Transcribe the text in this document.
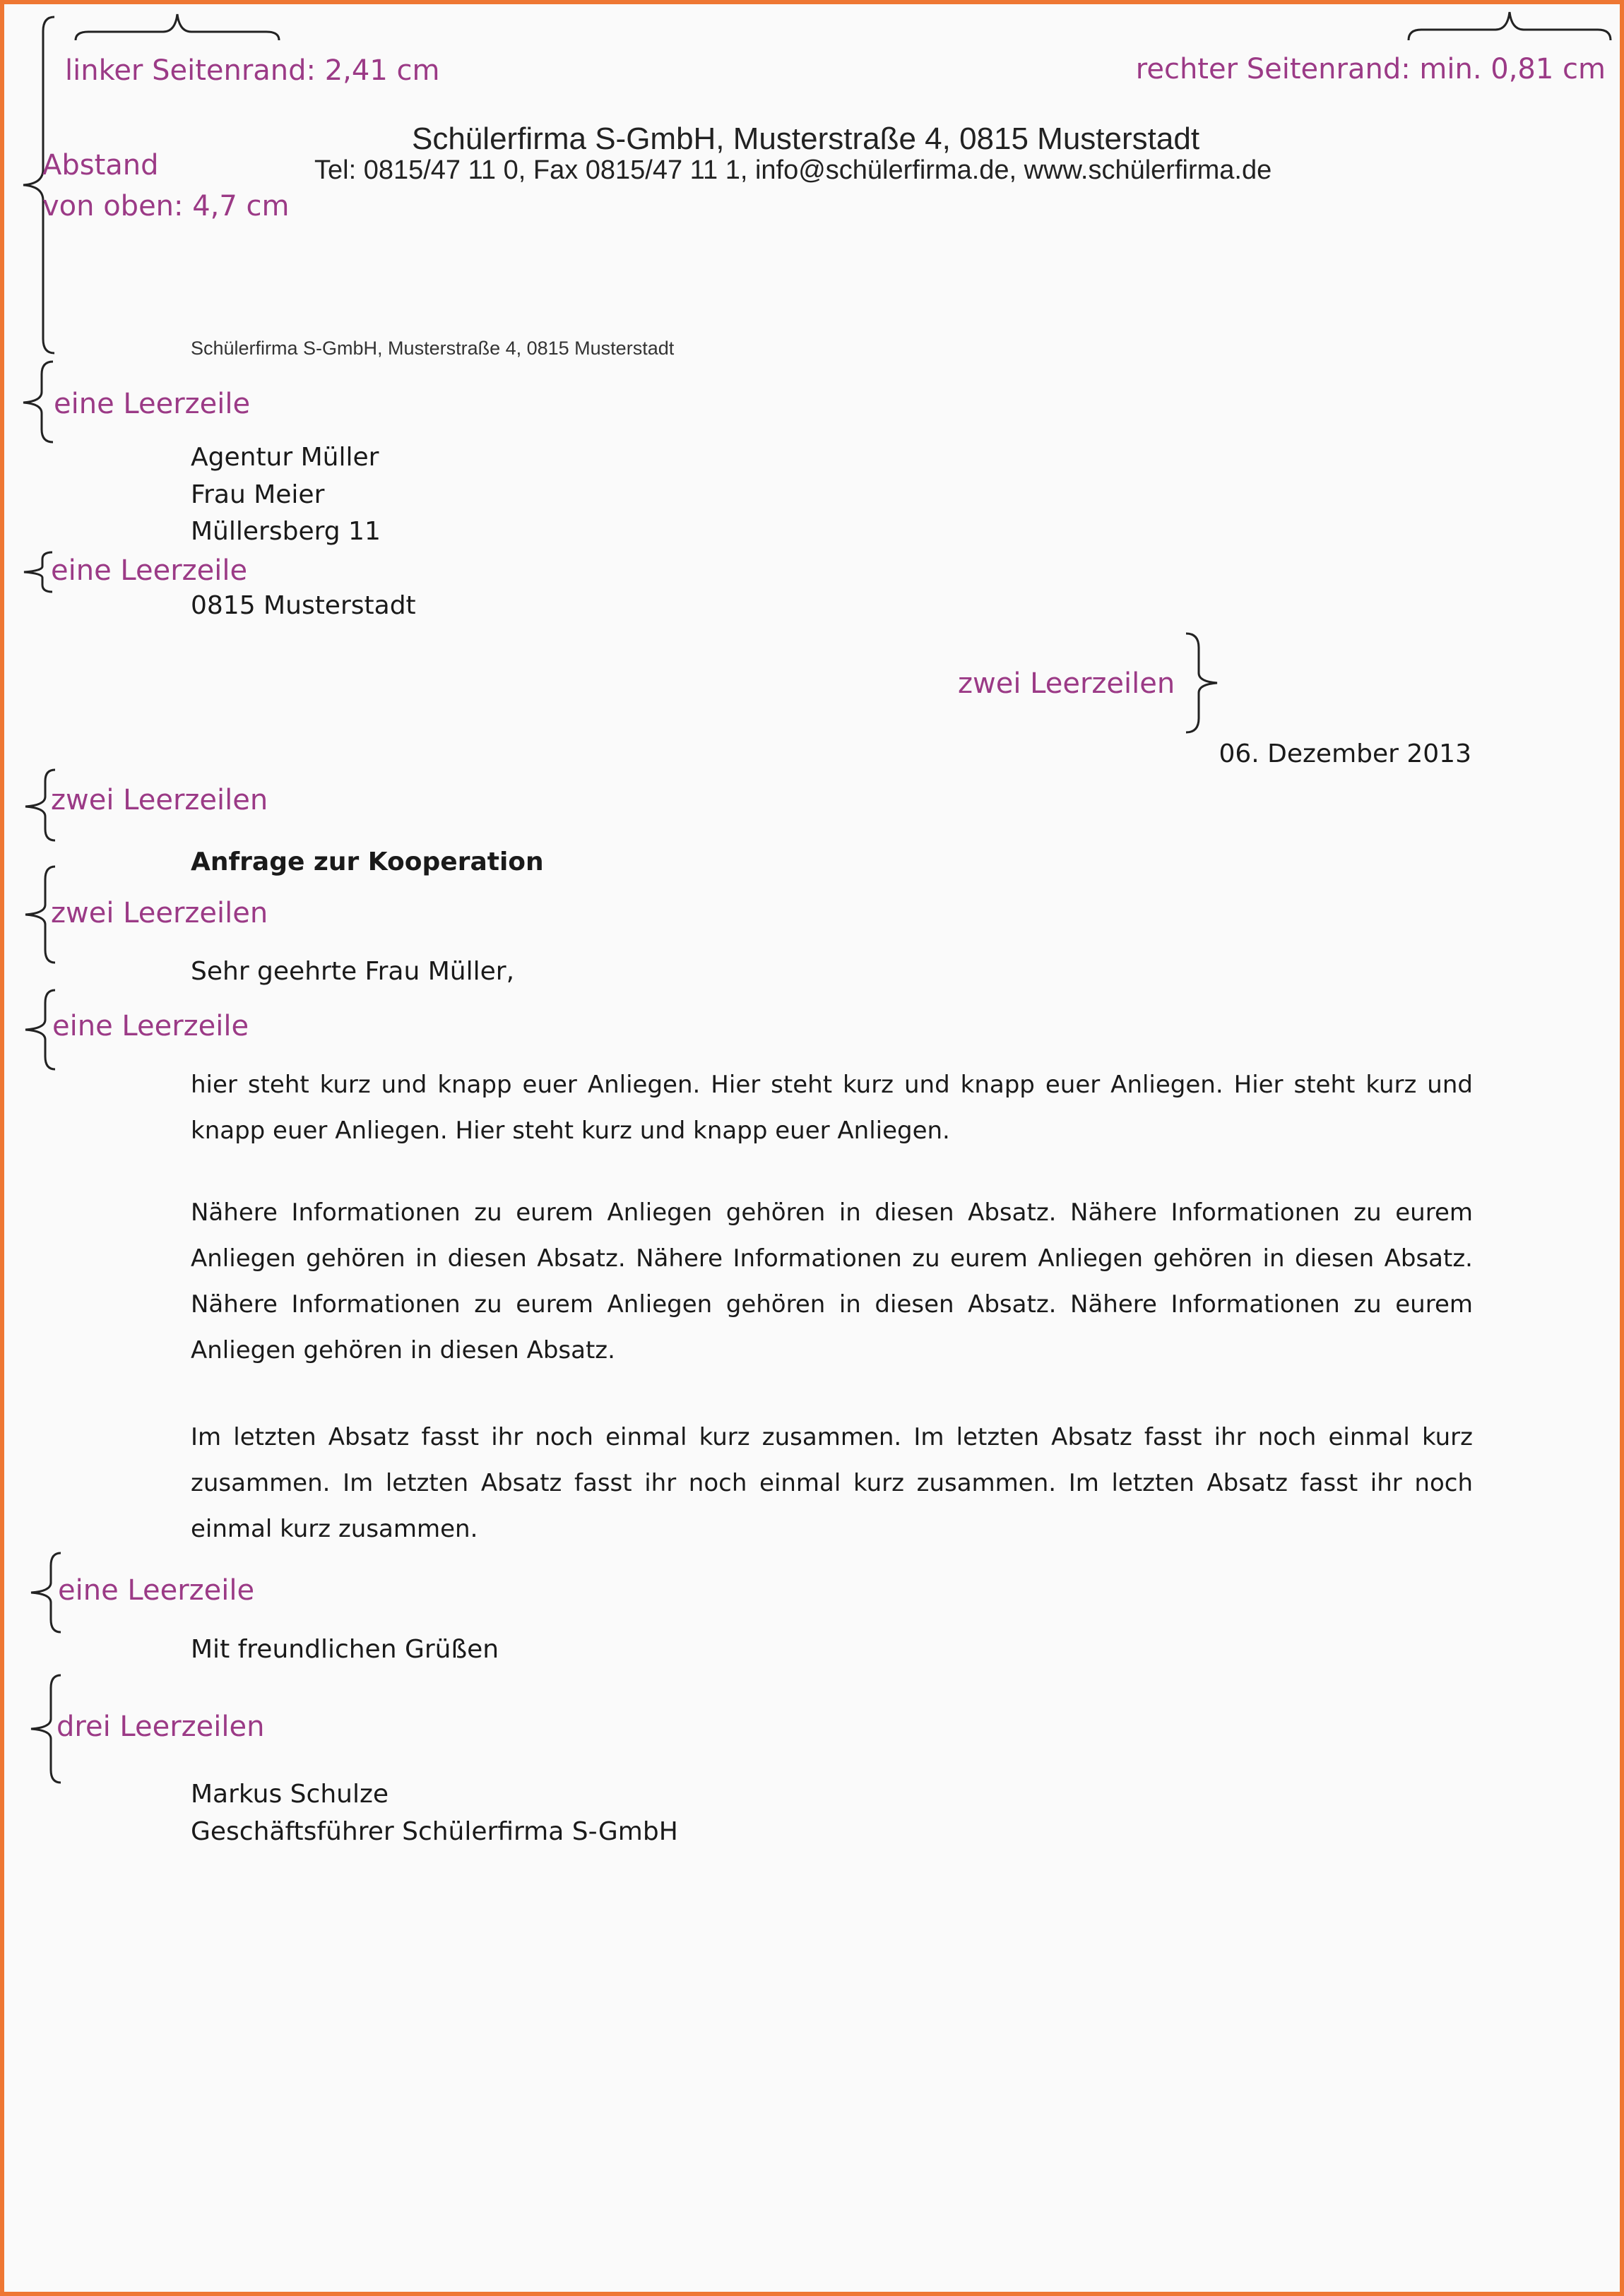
linker Seitenrand: 2,41 cm	rechter Seitenrand: min. 0,81 cm
Abstand
von oben: 4,7 cm
eine Leerzeile
eine Leerzeile
zwei Leerzeilen
zwei Leerzeilen
zwei Leerzeilen
eine Leerzeile
eine Leerzeile
drei Leerzeilen
Schülerfirma S-GmbH, Musterstraße 4, 0815 Musterstadt
Tel: 0815/47 11 0, Fax 0815/47 11 1, info@schülerfirma.de, www.schülerfirma.de
Schülerfirma S-GmbH, Musterstraße 4, 0815 Musterstadt
Agentur Müller
Frau Meier
Müllersberg 11
0815 Musterstadt
06. Dezember 2013
Anfrage zur Kooperation
Sehr geehrte Frau Müller,
hier steht kurz und knapp euer Anliegen. Hier steht kurz und knapp euer Anliegen. Hier steht kurz und knapp euer Anliegen. Hier steht kurz und knapp euer Anliegen.
Nähere Informationen zu eurem Anliegen gehören in diesen Absatz. Nähere Informationen zu eurem Anliegen gehören in diesen Absatz. Nähere Informationen zu eurem Anliegen gehören in diesen Absatz. Nähere Informationen zu eurem Anliegen gehören in diesen Absatz. Nähere Informationen zu eurem Anliegen gehören in diesen Absatz.
Im letzten Absatz fasst ihr noch einmal kurz zusammen. Im letzten Absatz fasst ihr noch einmal kurz zusammen. Im letzten Absatz fasst ihr noch einmal kurz zusammen. Im letzten Absatz fasst ihr noch einmal kurz zusammen.
Mit freundlichen Grüßen
Markus Schulze
Geschäftsführer Schülerfirma S-GmbH
